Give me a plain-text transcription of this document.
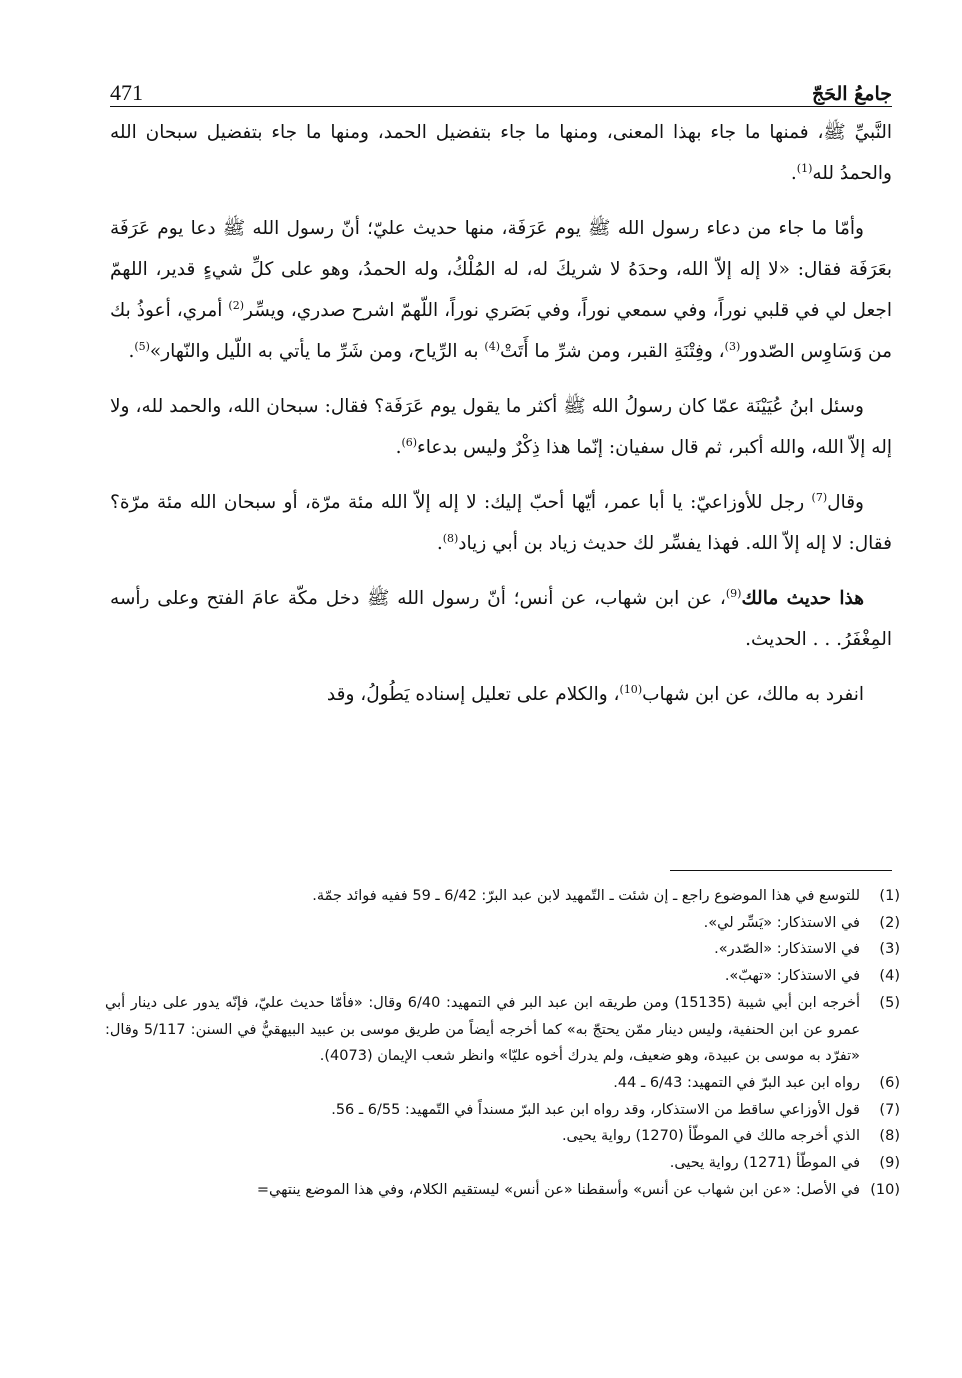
جامعُ الحَجّ
471

النَّبيِّ ﷺ، فمنها ما جاء بهذا المعنى، ومنها ما جاء بتفضيل الحمد، ومنها ما جاء بتفضيل سبحان الله والحمدُ لله$^{(1)}$.

وأمّا ما جاء من دعاء رسول الله ﷺ يوم عَرَفَة، منها حديث عليّ؛ أنّ رسول الله ﷺ دعا يوم عَرَفَة بعَرَفَة فقال: «لا إله إلاّ الله، وحدَهُ لا شريكَ له، له المُلْكُ، وله الحمدُ، وهو على كلِّ شيءٍ قدير، اللهمّ اجعل لي في قلبي نوراً، وفي سمعي نوراً، وفي بَصَري نوراً، اللّهمّ اشرح صدري، ويسِّر$^{(2)}$ أمري، أعوذُ بك من وَسَاوِس الصّدور$^{(3)}$، وفِتْنَةِ القبر، ومن شرِّ ما أَتَتْ$^{(4)}$ به الرِّياح، ومن شَرِّ ما يأتي به اللّيل والنّهار»$^{(5)}$.

وسئل ابنُ عُيَيْنَة عمّا كان رسولُ الله ﷺ أكثر ما يقول يوم عَرَفَة؟ فقال: سبحان الله، والحمد لله، ولا إله إلاّ الله، والله أكبر، ثم قال سفيان: إنّما هذا ذِكْرٌ وليس بدعاء$^{(6)}$.

وقال$^{(7)}$ رجل للأوزاعيّ: يا أبا عمر، أيّها أحبّ إليك: لا إله إلاّ الله مئة مرّة، أو سبحان الله مئة مرّة؟ فقال: لا إله إلاّ الله. فهذا يفسِّر لك حديث زياد بن أبي زياد$^{(8)}$.

هذا حديث مالك$^{(9)}$، عن ابن شهاب، عن أنس؛ أنّ رسول الله ﷺ دخل مكّة عامَ الفتح وعلى رأسه المِغْفَرُ. . . الحديث.

انفرد به مالك، عن ابن شهاب$^{(10)}$، والكلام على تعليل إسناده يَطُولُ، وقد

(1)
للتوسع في هذا الموضوع راجع ـ إن شئت ـ التّمهيد لابن عبد البرّ: 6/42 ـ 59 ففيه فوائد جمّة.
(2)
في الاستذكار: «يَسِّر لي».
(3)
في الاستذكار: «الصّدر».
(4)
في الاستذكار: «تهبّ».
(5)
أخرجه ابن أبي شيبة (15135) ومن طريقه ابن عبد البر في التمهيد: 6/40 وقال: «فأمّا حديث عليّ، فإنّه يدور على دينار أبي عمرو عن ابن الحنفية، وليس دينار ممّن يحتجّ به» كما أخرجه أيضاً من طريق موسى بن عبيد البيهقيُّ في السنن: 5/117 وقال: «تفرّد به موسى بن عبيدة، وهو ضعيف، ولم يدرك أخوه عليّا» وانظر شعب الإيمان (4073).
(6)
رواه ابن عبد البرّ في التمهيد: 6/43 ـ 44.
(7)
قول الأوزاعي ساقط من الاستذكار، وقد رواه ابن عبد البرّ مسنداً في التّمهيد: 6/55 ـ 56.
(8)
الذي أخرجه مالك في الموطّأ (1270) رواية يحيى.
(9)
في الموطّأ (1271) رواية يحيى.
(10)
في الأصل: «عن ابن شهاب عن أنس» وأسقطنا «عن أنس» ليستقيم الكلام، وفي هذا الموضع ينتهي=
